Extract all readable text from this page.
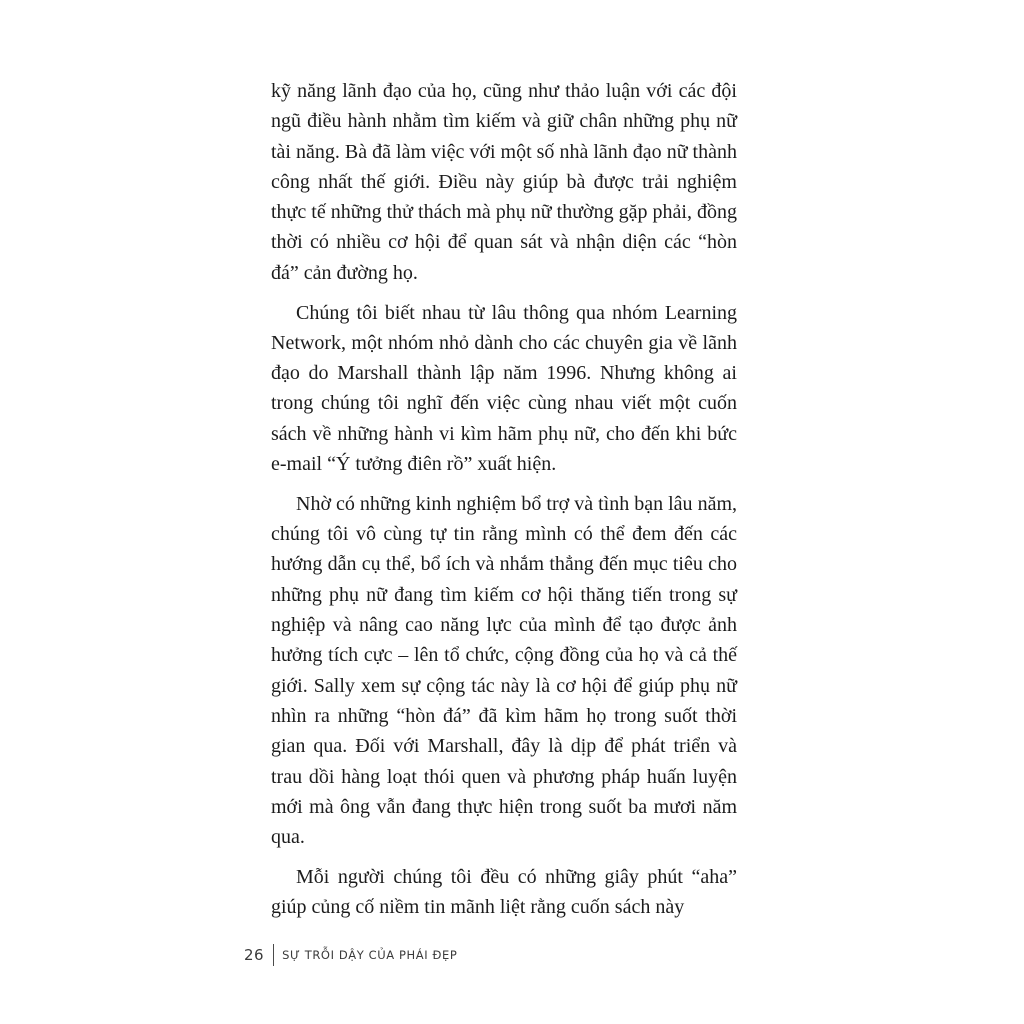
kỹ năng lãnh đạo của họ, cũng như thảo luận với các đội ngũ điều hành nhằm tìm kiếm và giữ chân những phụ nữ tài năng. Bà đã làm việc với một số nhà lãnh đạo nữ thành công nhất thế giới. Điều này giúp bà được trải nghiệm thực tế những thử thách mà phụ nữ thường gặp phải, đồng thời có nhiều cơ hội để quan sát và nhận diện các “hòn đá” cản đường họ.

Chúng tôi biết nhau từ lâu thông qua nhóm Learning Network, một nhóm nhỏ dành cho các chuyên gia về lãnh đạo do Marshall thành lập năm 1996. Nhưng không ai trong chúng tôi nghĩ đến việc cùng nhau viết một cuốn sách về những hành vi kìm hãm phụ nữ, cho đến khi bức e-mail “Ý tưởng điên rồ” xuất hiện.

Nhờ có những kinh nghiệm bổ trợ và tình bạn lâu năm, chúng tôi vô cùng tự tin rằng mình có thể đem đến các hướng dẫn cụ thể, bổ ích và nhắm thẳng đến mục tiêu cho những phụ nữ đang tìm kiếm cơ hội thăng tiến trong sự nghiệp và nâng cao năng lực của mình để tạo được ảnh hưởng tích cực – lên tổ chức, cộng đồng của họ và cả thế giới. Sally xem sự cộng tác này là cơ hội để giúp phụ nữ nhìn ra những “hòn đá” đã kìm hãm họ trong suốt thời gian qua. Đối với Marshall, đây là dịp để phát triển và trau dồi hàng loạt thói quen và phương pháp huấn luyện mới mà ông vẫn đang thực hiện trong suốt ba mươi năm qua.

Mỗi người chúng tôi đều có những giây phút “aha” giúp củng cố niềm tin mãnh liệt rằng cuốn sách này

26 SỰ TRỖI DẬY CỦA PHÁI ĐẸP
